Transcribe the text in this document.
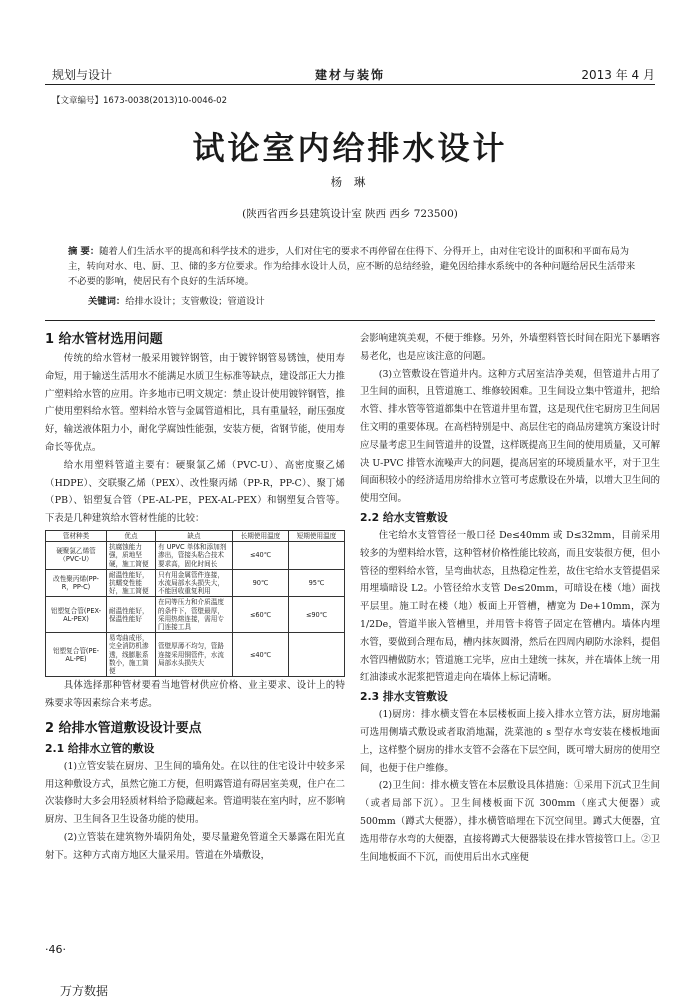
规划与设计	建材与装饰	2013 年 4 月
【文章编号】1673-0038(2013)10-0046-02
试论室内给排水设计
杨 琳
(陕西省西乡县建筑设计室 陕西 西乡 723500)
摘 要：随着人们生活水平的提高和科学技术的进步，人们对住宅的要求不再停留在住得下、分得开上，由对住宅设计的面积和平面布局为主，转向对水、电、厨、卫、储的多方位要求。作为给排水设计人员，应不断的总结经验，避免因给排水系统中的各种问题给居民生活带来不必要的影响，使居民有个良好的生活环境。
关键词：给排水设计；支管敷设；管道设计
1 给水管材选用问题

传统的给水管材一般采用镀锌钢管，由于镀锌钢管易锈蚀，使用寿命短，用于输送生活用水不能满足水质卫生标准等缺点，建设部正大力推广塑料给水管的应用。许多地市已明文规定：禁止设计使用镀锌钢管，推广使用塑料给水管。塑料给水管与金属管道相比，具有重量轻，耐压强度好，输送液体阻力小，耐化学腐蚀性能强，安装方便，省钢节能，使用寿命长等优点。

给水用塑料管道主要有：硬聚氯乙烯（PVC-U）、高密度聚乙烯（HDPE）、交联聚乙烯（PEX）、改性聚丙烯（PP-R，PP-C）、聚丁烯（PB）、铝塑复合管（PE-AL-PE，PEX-AL-PEX）和钢塑复合管等。下表是几种建筑给水管材性能的比较：

管材种类	优点	缺点	长期使用温度	短期使用温度
硬聚氯乙烯管（PVC-U）	抗腐蚀能力强，质地坚硬，施工简便	有 UPVC 单体和添加剂渗出，管接头粘合技术要求高，固化时间长	≤40℃	
改性聚丙烯(PP-R，PP-C)	耐温性能好，抗蠕变性能好，施工简便	只有用金属管件连接，水流局部水头损失大，不能回收重复利用	90℃	95℃
铝塑复合管(PEX-AL-PEX)	耐温性能好，保温性能好	在同等压力和介质温度的条件下，管壁最厚，采用热熔连接，需用专门连接工具	≤60℃	≤90℃
铝塑复合管(PE-AL-PE)	易弯曲成形，完全消防机渗透，线膨胀系数小，施工简便	管壁厚薄不均匀，管路连接采用铜管件，水流局部水头损失大	≤40℃	

具体选择那种管材要看当地管材供应价格、业主要求、设计上的特殊要求等因素综合来考虑。

2 给排水管道敷设设计要点
2.1 给排水立管的敷设

(1)立管安装在厨房、卫生间的墙角处。在以往的住宅设计中较多采用这种敷设方式，虽然它施工方便，但明露管道有碍居室美观，住户在二次装修时大多会用轻质材料给予隐藏起来。管道明装在室内时，应不影响厨房、卫生间各卫生设备功能的使用。

(2)立管装在建筑物外墙阴角处，要尽量避免管道全天暴露在阳光直射下。这种方式南方地区大量采用。管道在外墙敷设，

会影响建筑美观，不便于维修。另外，外墙塑料管长时间在阳光下暴晒容易老化，也是应该注意的问题。

(3)立管敷设在管道井内。这种方式居室洁净美观，但管道井占用了卫生间的面积，且管道施工、维修较困难。卫生间设立集中管道井，把给水管、排水管等管道都集中在管道井里布置，这是现代住宅厨房卫生间居住文明的重要体现。在高档特别是中、高层住宅的商品房建筑方案设计时应尽量考虑卫生间管道井的设置，这样既提高卫生间的使用质量，又可解决 U-PVC 排管水流噪声大的问题，提高居室的环境质量水平，对于卫生间面积较小的经济适用房给排水立管可考虑敷设在外墙，以增大卫生间的使用空间。

2.2 给水支管敷设

住宅给水支管管径一般口径 De≤40mm 或 D≤32mm，目前采用较多的为塑料给水管，这种管材价格性能比较高，而且安装很方便，但小管径的塑料给水管，呈弯曲状态，且热稳定性差，故住宅给水支管提倡采用埋墙暗设 L2。小管径给水支管 De≤20mm，可暗设在楼（地）面找平层里。施工时在楼（地）板面上开管槽，槽宽为 De+10mm，深为 1/2De，管道半嵌入管槽里，并用管卡将管子固定在管槽内。墙体内埋水管，要做到合理布局，槽内抹灰圆滑，然后在四周内刷防水涂料，提倡水管四槽做防水；管道施工完毕，应由土建统一抹灰，并在墙体上统一用红油漆或水泥浆把管道走向在墙体上标记清晰。

2.3 排水支管敷设

(1)厨房：排水横支管在本层楼板面上接入排水立管方法，厨房地漏可选用侧墙式敷设或者取消地漏，洗菜池的 s 型存水弯安装在楼板地面上，这样整个厨房的排水支管不会落在下层空间，既可增大厨房的使用空间，也便于住户维修。

(2)卫生间：排水横支管在本层敷设具体措施：①采用下沉式卫生间（或者局部下沉）。卫生间楼板面下沉 300mm（座式大便器）或 500mm（蹲式大便器），排水横管暗埋在下沉空间里。蹲式大便器，宜选用带存水弯的大便器，直接将蹲式大便器装设在排水管接管口上。②卫生间地板面不下沉，而使用后出水式座便

·46·
万方数据
